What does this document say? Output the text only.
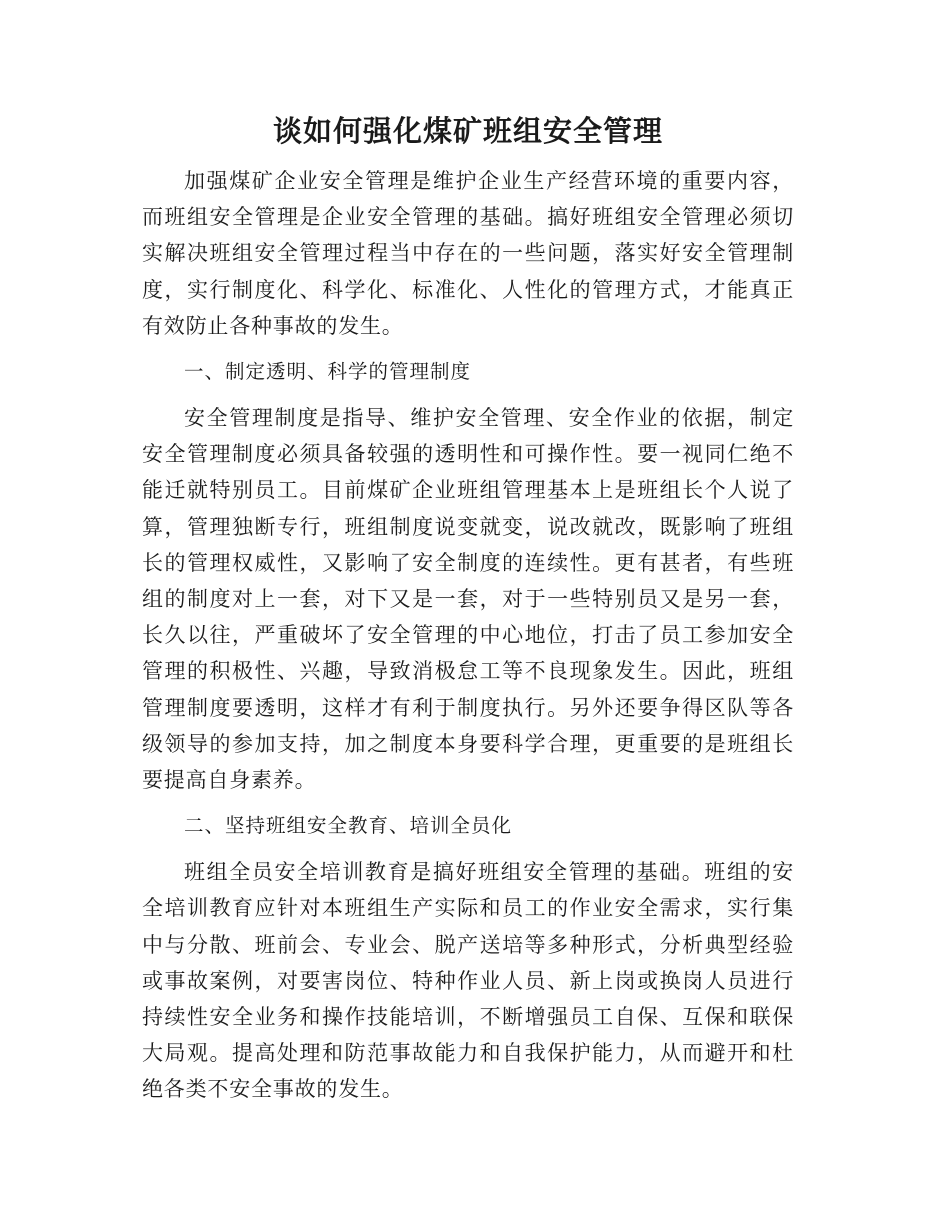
谈如何强化煤矿班组安全管理

加强煤矿企业安全管理是维护企业生产经营环境的重要内容，而班组安全管理是企业安全管理的基础。搞好班组安全管理必须切实解决班组安全管理过程当中存在的一些问题，落实好安全管理制度，实行制度化、科学化、标准化、人性化的管理方式，才能真正有效防止各种事故的发生。

一、制定透明、科学的管理制度

安全管理制度是指导、维护安全管理、安全作业的依据，制定安全管理制度必须具备较强的透明性和可操作性。要一视同仁绝不能迁就特别员工。目前煤矿企业班组管理基本上是班组长个人说了算，管理独断专行，班组制度说变就变，说改就改，既影响了班组长的管理权威性，又影响了安全制度的连续性。更有甚者，有些班组的制度对上一套，对下又是一套，对于一些特别员又是另一套，长久以往，严重破坏了安全管理的中心地位，打击了员工参加安全管理的积极性、兴趣，导致消极怠工等不良现象发生。因此，班组管理制度要透明，这样才有利于制度执行。另外还要争得区队等各级领导的参加支持，加之制度本身要科学合理，更重要的是班组长要提高自身素养。

二、坚持班组安全教育、培训全员化

班组全员安全培训教育是搞好班组安全管理的基础。班组的安全培训教育应针对本班组生产实际和员工的作业安全需求，实行集中与分散、班前会、专业会、脱产送培等多种形式，分析典型经验或事故案例，对要害岗位、特种作业人员、新上岗或换岗人员进行持续性安全业务和操作技能培训，不断增强员工自保、互保和联保大局观。提高处理和防范事故能力和自我保护能力，从而避开和杜绝各类不安全事故的发生。
